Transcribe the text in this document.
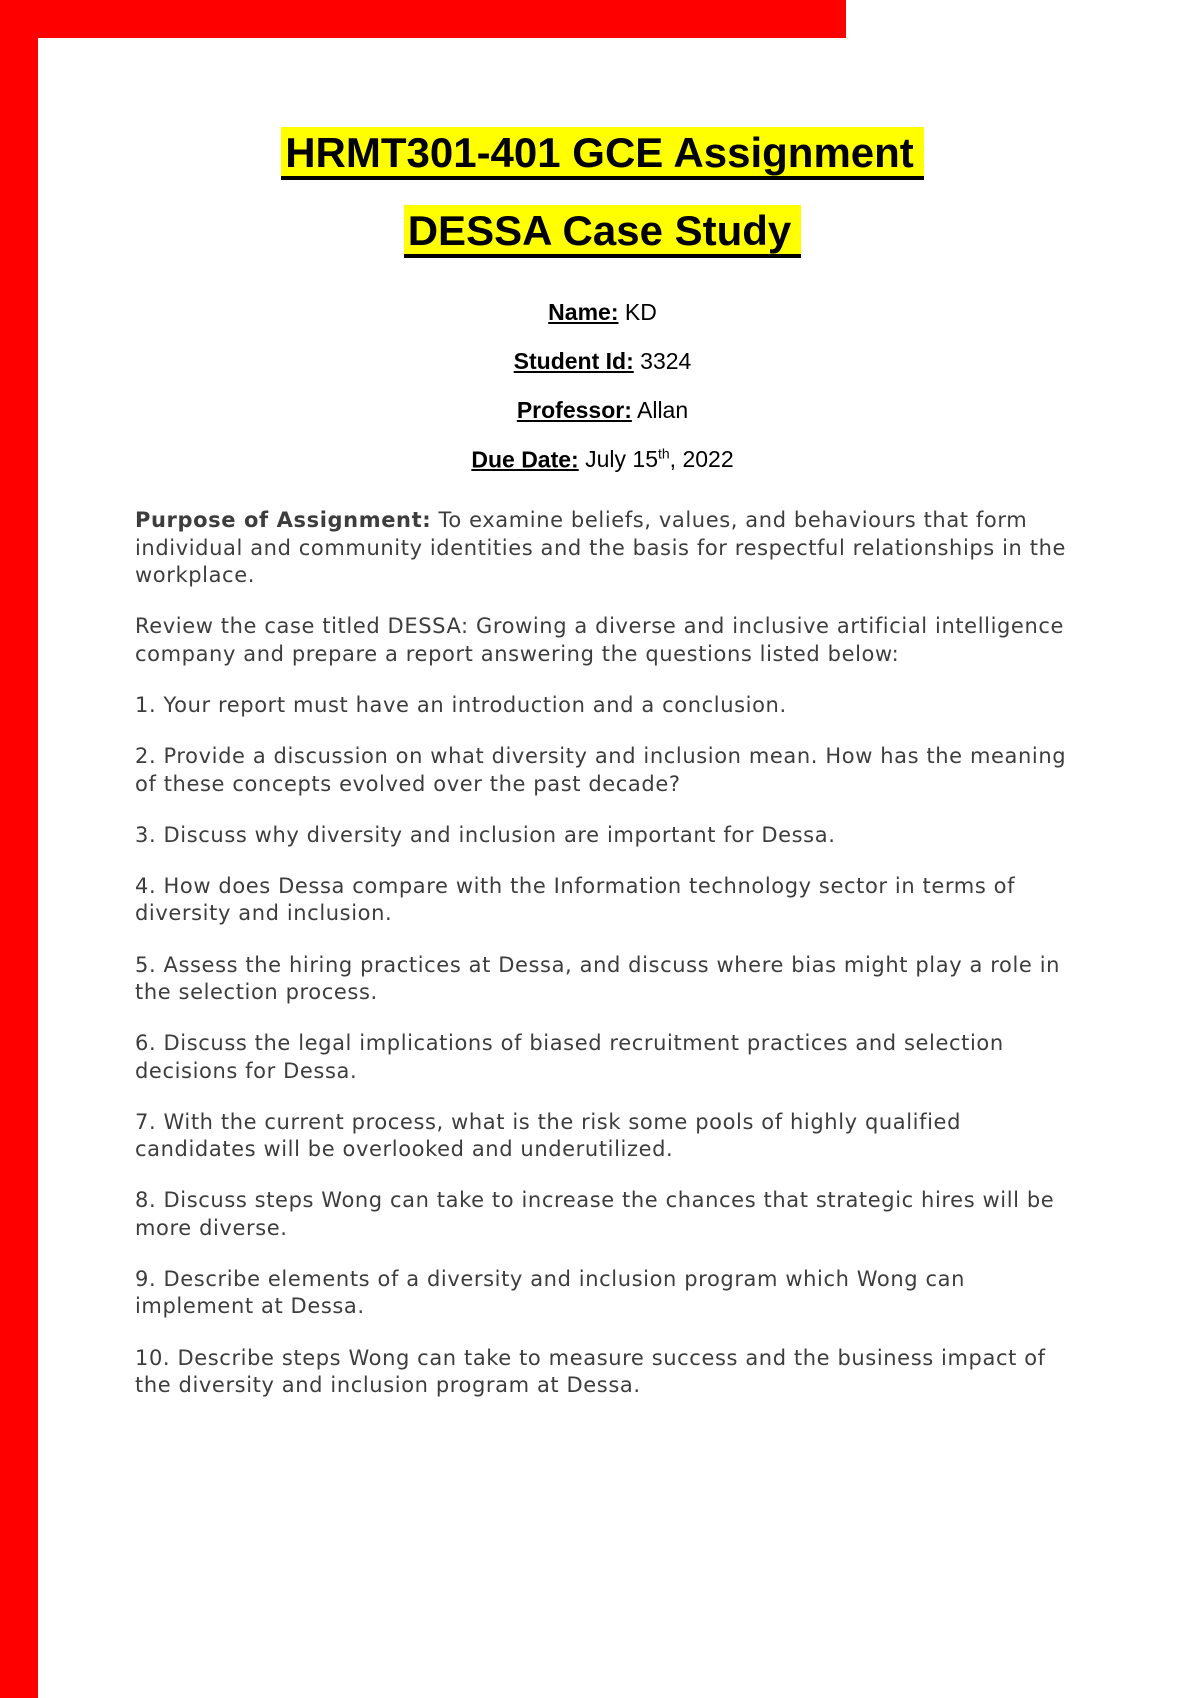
HRMT301-401 GCE Assignment
DESSA Case Study
Name: KD
Student Id: 3324
Professor: Allan
Due Date: July 15th, 2022

Purpose of Assignment: To examine beliefs, values, and behaviours that form individual and community identities and the basis for respectful relationships in the workplace.

Review the case titled DESSA: Growing a diverse and inclusive artificial intelligence company and prepare a report answering the questions listed below:

1. Your report must have an introduction and a conclusion.

2. Provide a discussion on what diversity and inclusion mean. How has the meaning of these concepts evolved over the past decade?

3. Discuss why diversity and inclusion are important for Dessa.

4. How does Dessa compare with the Information technology sector in terms of diversity and inclusion.

5. Assess the hiring practices at Dessa, and discuss where bias might play a role in the selection process.

6. Discuss the legal implications of biased recruitment practices and selection decisions for Dessa.

7. With the current process, what is the risk some pools of highly qualified candidates will be overlooked and underutilized.

8. Discuss steps Wong can take to increase the chances that strategic hires will be more diverse.

9. Describe elements of a diversity and inclusion program which Wong can implement at Dessa.

10. Describe steps Wong can take to measure success and the business impact of the diversity and inclusion program at Dessa.
